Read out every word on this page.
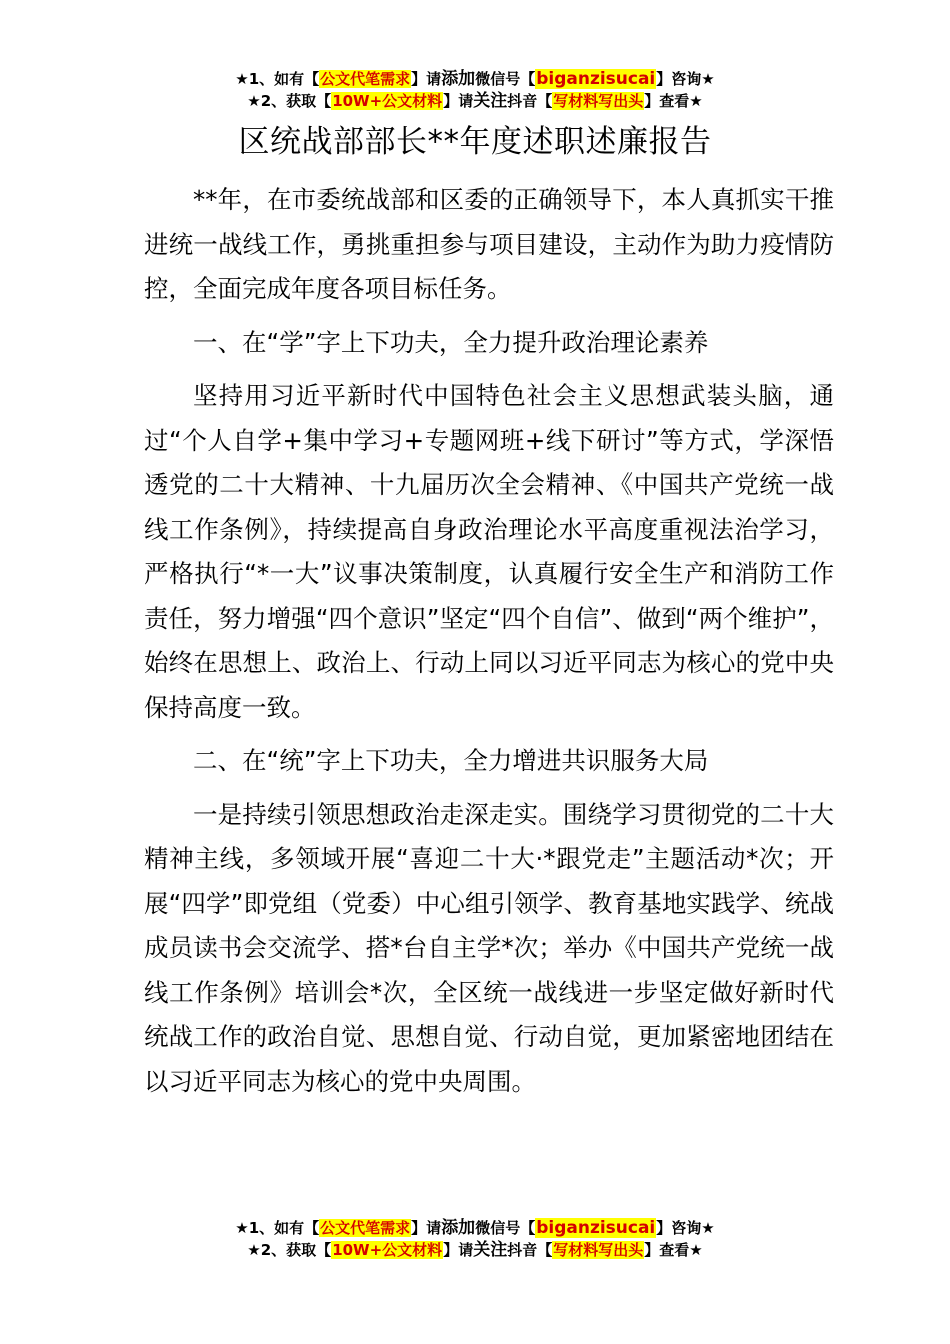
★1、如有【公文代笔需求】请添加微信号【biganzisucai】咨询★
★2、获取【10W+公文材料】请关注抖音【写材料写出头】查看★
区统战部部长**年度述职述廉报告

**年，在市委统战部和区委的正确领导下，本人真抓实干推进统一战线工作，勇挑重担参与项目建设，主动作为助力疫情防控，全面完成年度各项目标任务。

一、在“学”字上下功夫，全力提升政治理论素养

坚持用习近平新时代中国特色社会主义思想武装头脑，通过“个人自学+集中学习+专题网班+线下研讨”等方式，学深悟透党的二十大精神、十九届历次全会精神、《中国共产党统一战线工作条例》，持续提高自身政治理论水平高度重视法治学习，严格执行“*一大”议事决策制度，认真履行安全生产和消防工作责任，努力增强“四个意识”坚定“四个自信”、做到“两个维护”，始终在思想上、政治上、行动上同以习近平同志为核心的党中央保持高度一致。

二、在“统”字上下功夫，全力增进共识服务大局

一是持续引领思想政治走深走实。围绕学习贯彻党的二十大精神主线，多领域开展“喜迎二十大·*跟党走”主题活动*次；开展“四学”即党组（党委）中心组引领学、教育基地实践学、统战成员读书会交流学、搭*台自主学*次；举办《中国共产党统一战线工作条例》培训会*次，全区统一战线进一步坚定做好新时代统战工作的政治自觉、思想自觉、行动自觉，更加紧密地团结在以习近平同志为核心的党中央周围。

★1、如有【公文代笔需求】请添加微信号【biganzisucai】咨询★
★2、获取【10W+公文材料】请关注抖音【写材料写出头】查看★
